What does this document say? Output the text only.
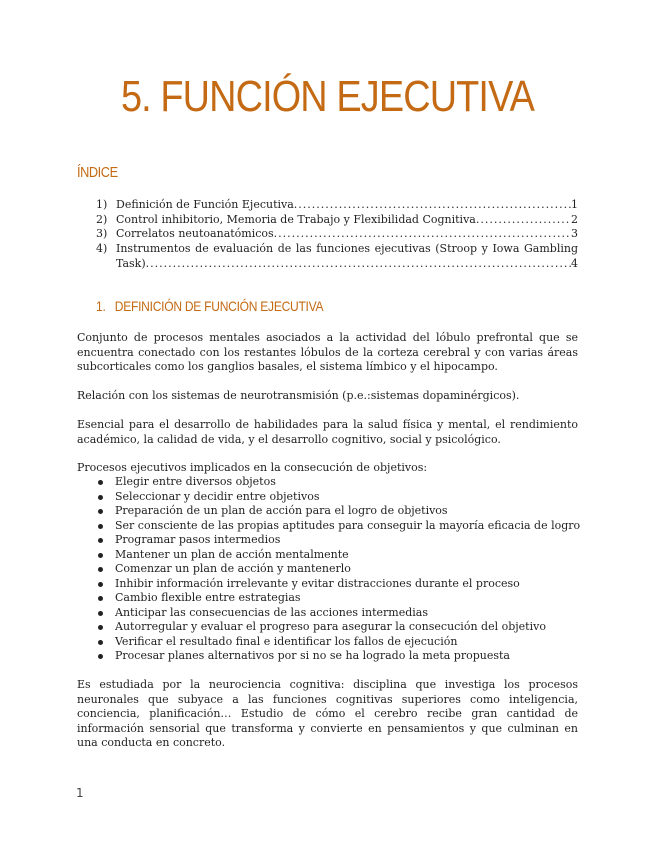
5. FUNCIÓN EJECUTIVA
ÍNDICE
1) Definición de Función Ejecutiva .....	1
2) Control inhibitorio, Memoria de Trabajo y Flexibilidad Cognitiva .....	2
3) Correlatos neutoanatómicos .....	3
4) Instrumentos de evaluación de las funciones ejecutivas (Stroop y Iowa Gambling
Task) .....	4
1.   DEFINICIÓN DE FUNCIÓN EJECUTIVA

Conjunto de procesos mentales asociados a la actividad del lóbulo prefrontal que se encuentra conectado con los restantes lóbulos de la corteza cerebral y con varias áreas subcorticales como los ganglios basales, el sistema límbico y el hipocampo.

Relación con los sistemas de neurotransmisión (p.e.:sistemas dopaminérgicos).

Esencial para el desarrollo de habilidades para la salud física y mental, el rendimiento académico, la calidad de vida, y el desarrollo cognitivo, social y psicológico.

Procesos ejecutivos implicados en la consecución de objetivos:

Elegir entre diversos objetos
Seleccionar y decidir entre objetivos
Preparación de un plan de acción para el logro de objetivos
Ser consciente de las propias aptitudes para conseguir la mayoría eficacia de logro
Programar pasos intermedios
Mantener un plan de acción mentalmente
Comenzar un plan de acción y mantenerlo
Inhibir información irrelevante y evitar distracciones durante el proceso
Cambio flexible entre estrategias
Anticipar las consecuencias de las acciones intermedias
Autorregular y evaluar el progreso para asegurar la consecución del objetivo
Verificar el resultado final e identificar los fallos de ejecución
Procesar planes alternativos por si no se ha logrado la meta propuesta

Es estudiada por la neurociencia cognitiva: disciplina que investiga los procesos neuronales que subyace a las funciones cognitivas superiores como inteligencia, conciencia, planificación… Estudio de cómo el cerebro recibe gran cantidad de información sensorial que transforma y convierte en pensamientos y que culminan en una conducta en concreto.

1
